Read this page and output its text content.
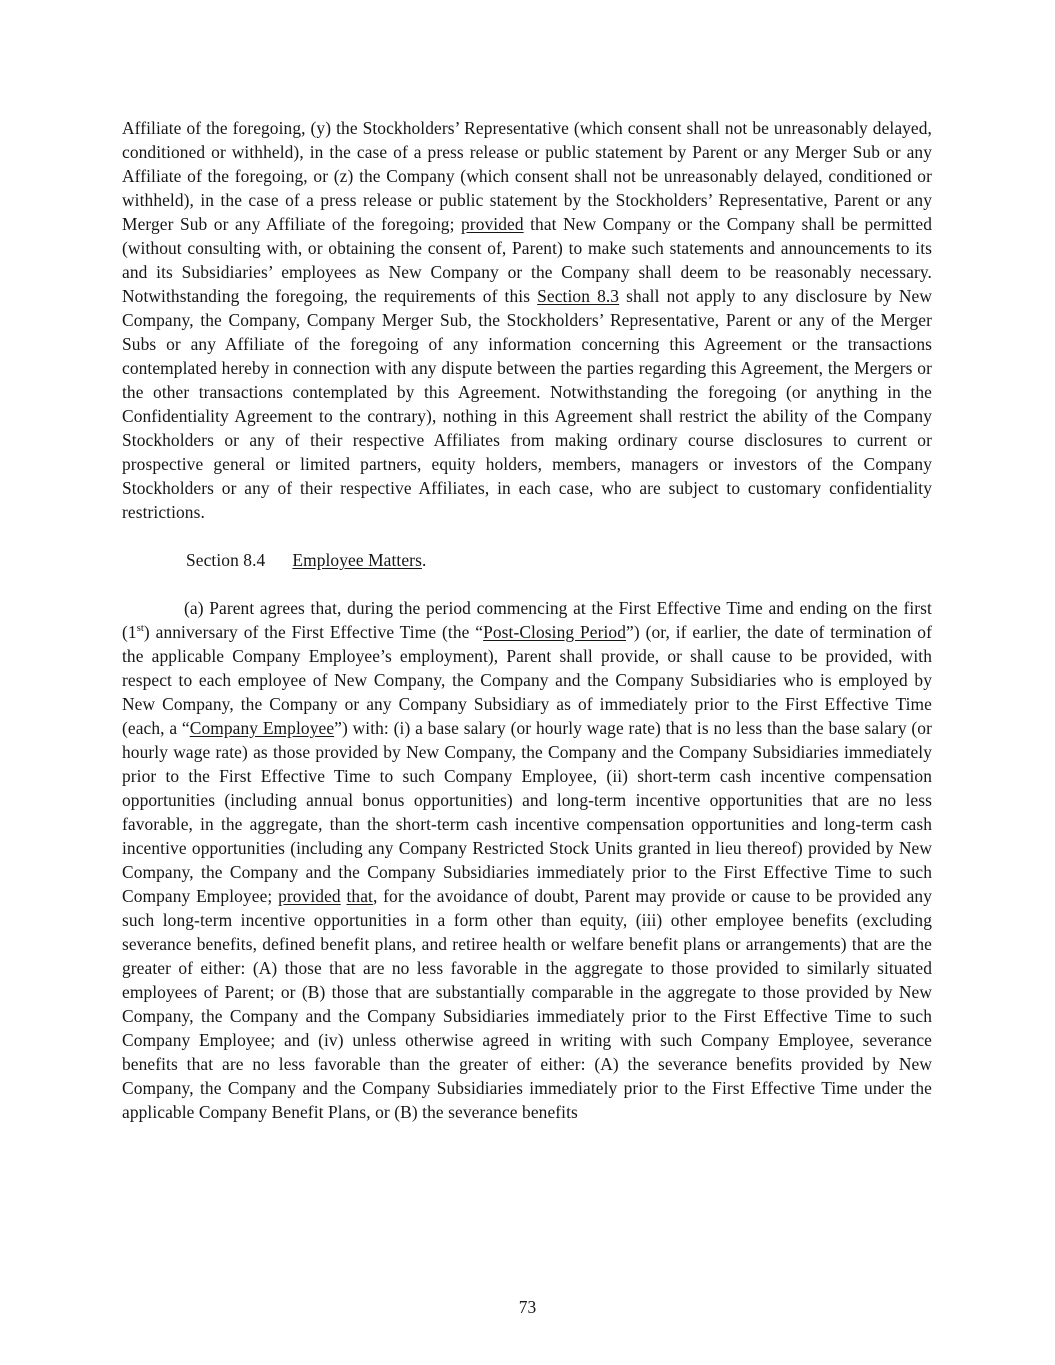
Affiliate of the foregoing, (y) the Stockholders’ Representative (which consent shall not be unreasonably delayed, conditioned or withheld), in the case of a press release or public statement by Parent or any Merger Sub or any Affiliate of the foregoing, or (z) the Company (which consent shall not be unreasonably delayed, conditioned or withheld), in the case of a press release or public statement by the Stockholders’ Representative, Parent or any Merger Sub or any Affiliate of the foregoing; provided that New Company or the Company shall be permitted (without consulting with, or obtaining the consent of, Parent) to make such statements and announcements to its and its Subsidiaries’ employees as New Company or the Company shall deem to be reasonably necessary. Notwithstanding the foregoing, the requirements of this Section 8.3 shall not apply to any disclosure by New Company, the Company, Company Merger Sub, the Stockholders’ Representative, Parent or any of the Merger Subs or any Affiliate of the foregoing of any information concerning this Agreement or the transactions contemplated hereby in connection with any dispute between the parties regarding this Agreement, the Mergers or the other transactions contemplated by this Agreement. Notwithstanding the foregoing (or anything in the Confidentiality Agreement to the contrary), nothing in this Agreement shall restrict the ability of the Company Stockholders or any of their respective Affiliates from making ordinary course disclosures to current or prospective general or limited partners, equity holders, members, managers or investors of the Company Stockholders or any of their respective Affiliates, in each case, who are subject to customary confidentiality restrictions.

Section 8.4 Employee Matters.

(a) Parent agrees that, during the period commencing at the First Effective Time and ending on the first (1st) anniversary of the First Effective Time (the “Post-Closing Period”) (or, if earlier, the date of termination of the applicable Company Employee’s employment), Parent shall provide, or shall cause to be provided, with respect to each employee of New Company, the Company and the Company Subsidiaries who is employed by New Company, the Company or any Company Subsidiary as of immediately prior to the First Effective Time (each, a “Company Employee”) with: (i) a base salary (or hourly wage rate) that is no less than the base salary (or hourly wage rate) as those provided by New Company, the Company and the Company Subsidiaries immediately prior to the First Effective Time to such Company Employee, (ii) short-term cash incentive compensation opportunities (including annual bonus opportunities) and long-term incentive opportunities that are no less favorable, in the aggregate, than the short-term cash incentive compensation opportunities and long-term cash incentive opportunities (including any Company Restricted Stock Units granted in lieu thereof) provided by New Company, the Company and the Company Subsidiaries immediately prior to the First Effective Time to such Company Employee; provided that, for the avoidance of doubt, Parent may provide or cause to be provided any such long-term incentive opportunities in a form other than equity, (iii) other employee benefits (excluding severance benefits, defined benefit plans, and retiree health or welfare benefit plans or arrangements) that are the greater of either: (A) those that are no less favorable in the aggregate to those provided to similarly situated employees of Parent; or (B) those that are substantially comparable in the aggregate to those provided by New Company, the Company and the Company Subsidiaries immediately prior to the First Effective Time to such Company Employee; and (iv) unless otherwise agreed in writing with such Company Employee, severance benefits that are no less favorable than the greater of either: (A) the severance benefits provided by New Company, the Company and the Company Subsidiaries immediately prior to the First Effective Time under the applicable Company Benefit Plans, or (B) the severance benefits

73
